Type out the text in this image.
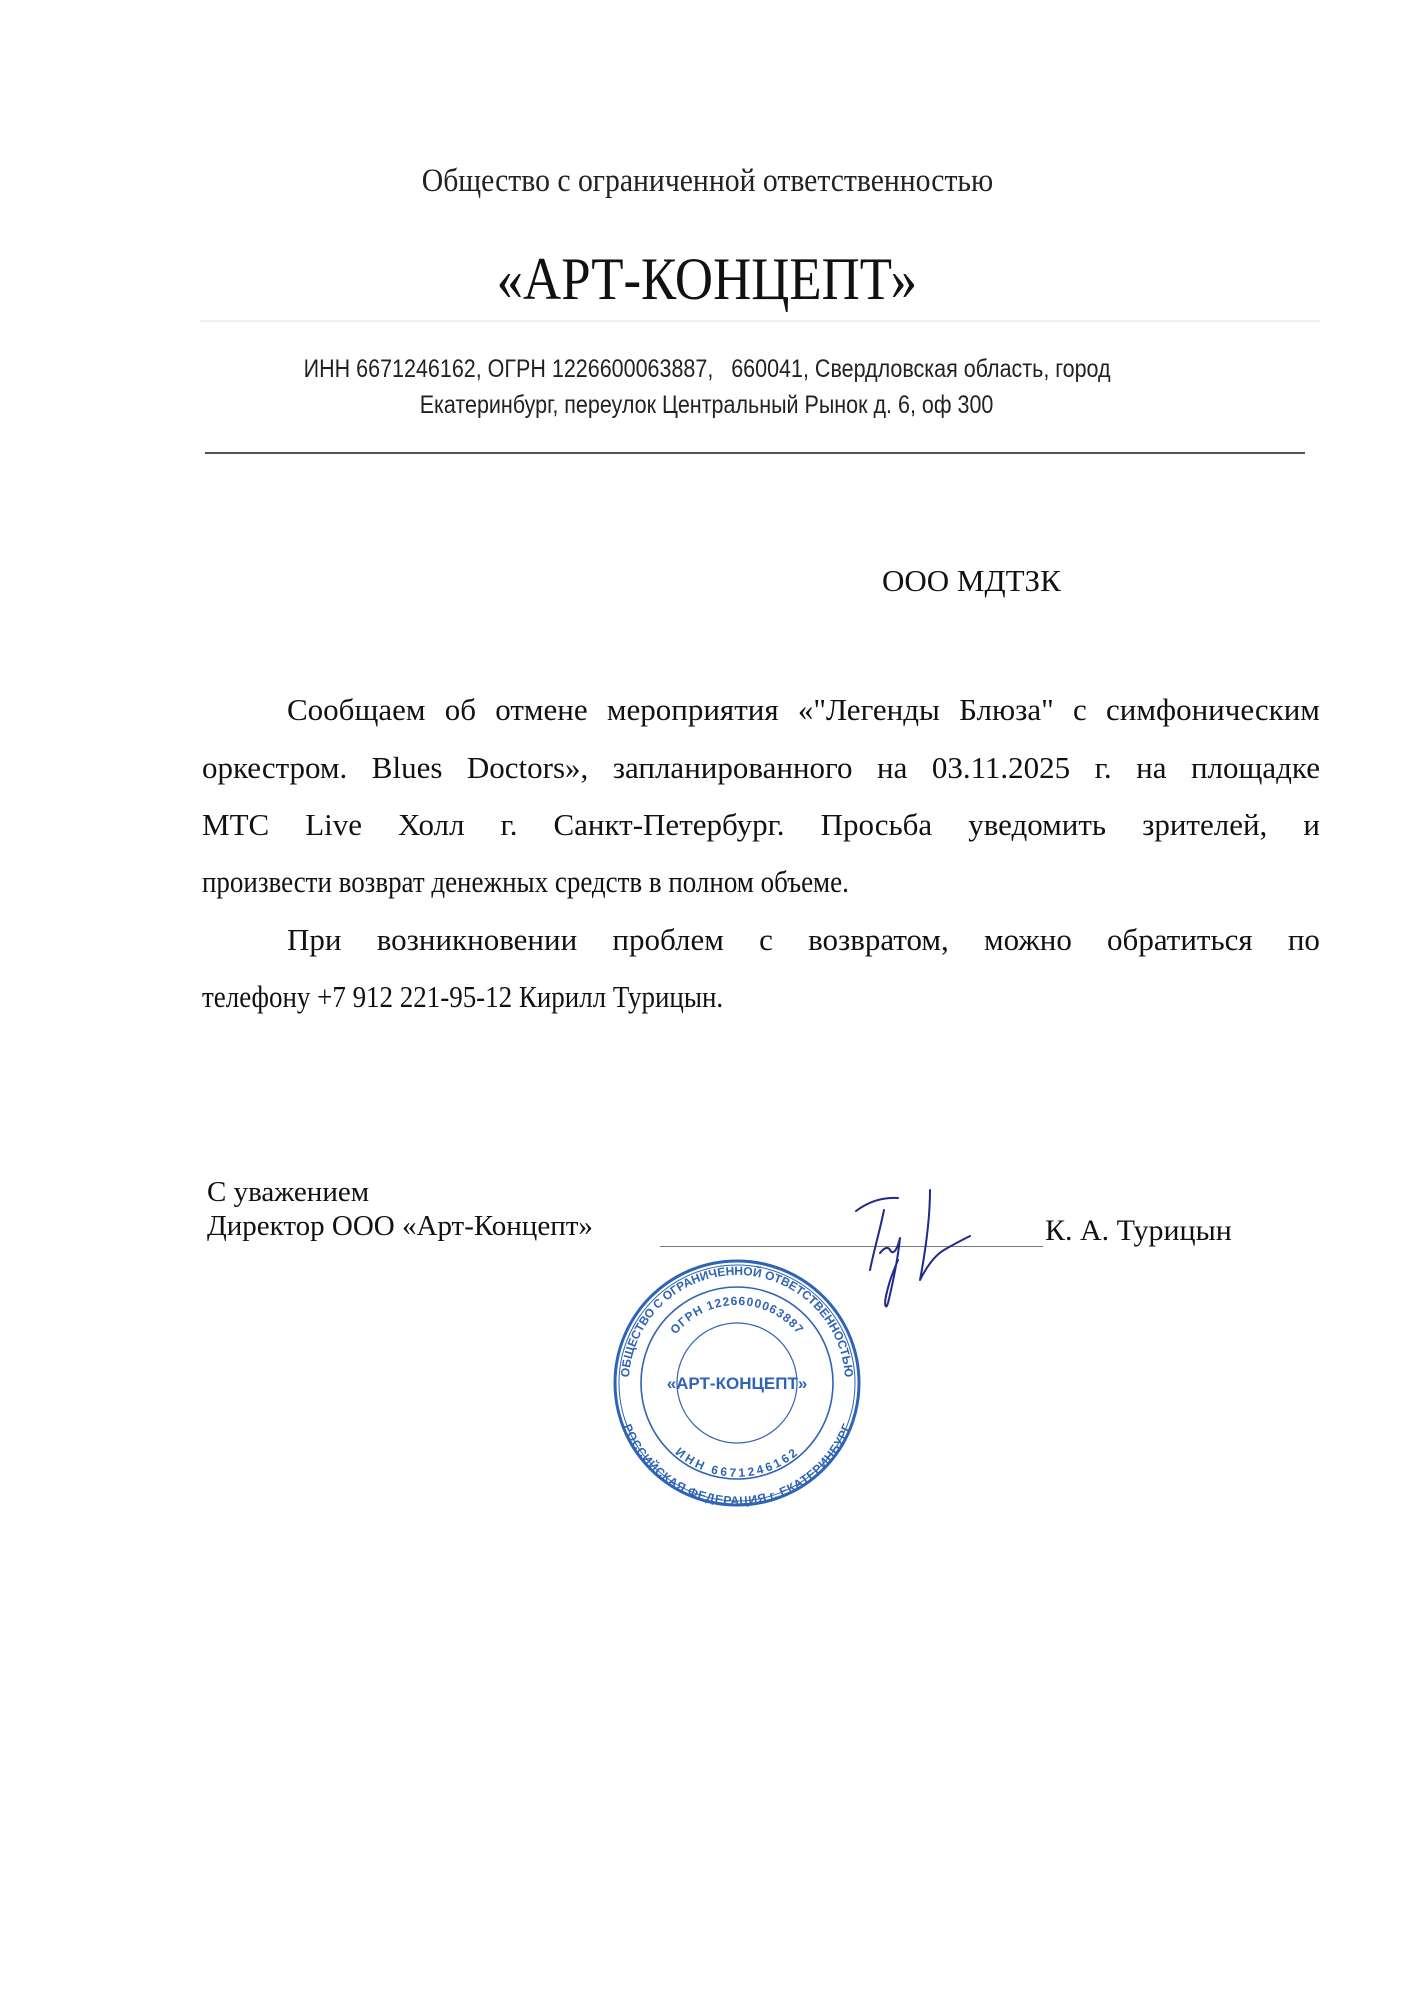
Общество с ограниченной ответственностью
«АРТ-КОНЦЕПТ»
ИНН 6671246162, ОГРН 1226600063887,   660041, Свердловская область, город
Екатеринбург, переулок Центральный Рынок д. 6, оф 300
ООО МДТЗК
Сообщаем об отмене мероприятия «"Легенды Блюза" с симфоническим
оркестром. Blues Doctors», запланированного на 03.11.2025 г. на площадке
МТС Live Холл г. Санкт-Петербург. Просьба уведомить зрителей, и
произвести возврат денежных средств в полном объеме.
При возникновении проблем с возвратом, можно обратиться по
телефону +7 912 221-95-12 Кирилл Турицын.
С уважением
Директор ООО «Арт-Концепт»	К. А. Турицын
ОБЩЕСТВО С ОГРАНИЧЕННОЙ ОТВЕТСТВЕННОСТЬЮ
РОССИЙСКАЯ ФЕДЕРАЦИЯ г. ЕКАТЕРИНБУРГ
ОГРН 1226600063887
ИНН 6671246162
«АРТ-КОНЦЕПТ»
